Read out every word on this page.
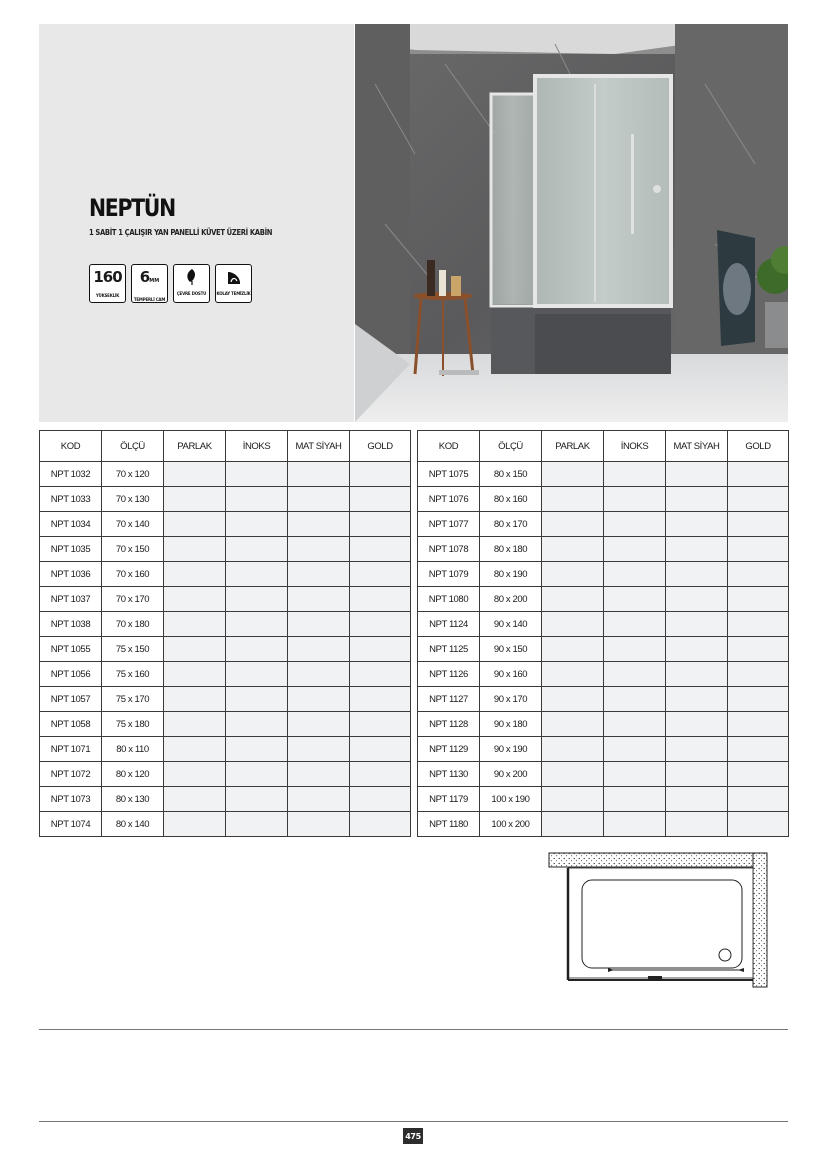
NEPTÜN
1 SABİT 1 ÇALIŞIR YAN PANELLİ KÜVET ÜZERİ KABİN
160
YÜKSEKLİK
6MM
TEMPERLİ CAM
ÇEVRE DOSTU	KOLAY TEMİZLİK
KOD	ÖLÇÜ	PARLAK	İNOKS	MAT SİYAH	GOLD
NPT 1032	70 x 120				
NPT 1033	70 x 130				
NPT 1034	70 x 140				
NPT 1035	70 x 150				
NPT 1036	70 x 160				
NPT 1037	70 x 170				
NPT 1038	70 x 180				
NPT 1055	75 x 150				
NPT 1056	75 x 160				
NPT 1057	75 x 170				
NPT 1058	75 x 180				
NPT 1071	80 x 110				
NPT 1072	80 x 120				
NPT 1073	80 x 130				
NPT 1074	80 x 140				
KOD	ÖLÇÜ	PARLAK	İNOKS	MAT SİYAH	GOLD
NPT 1075	80 x 150				
NPT 1076	80 x 160				
NPT 1077	80 x 170				
NPT 1078	80 x 180				
NPT 1079	80 x 190				
NPT 1080	80 x 200				
NPT 1124	90 x 140				
NPT 1125	90 x 150				
NPT 1126	90 x 160				
NPT 1127	90 x 170				
NPT 1128	90 x 180				
NPT 1129	90 x 190				
NPT 1130	90 x 200				
NPT 1179	100 x 190				
NPT 1180	100 x 200				
475
